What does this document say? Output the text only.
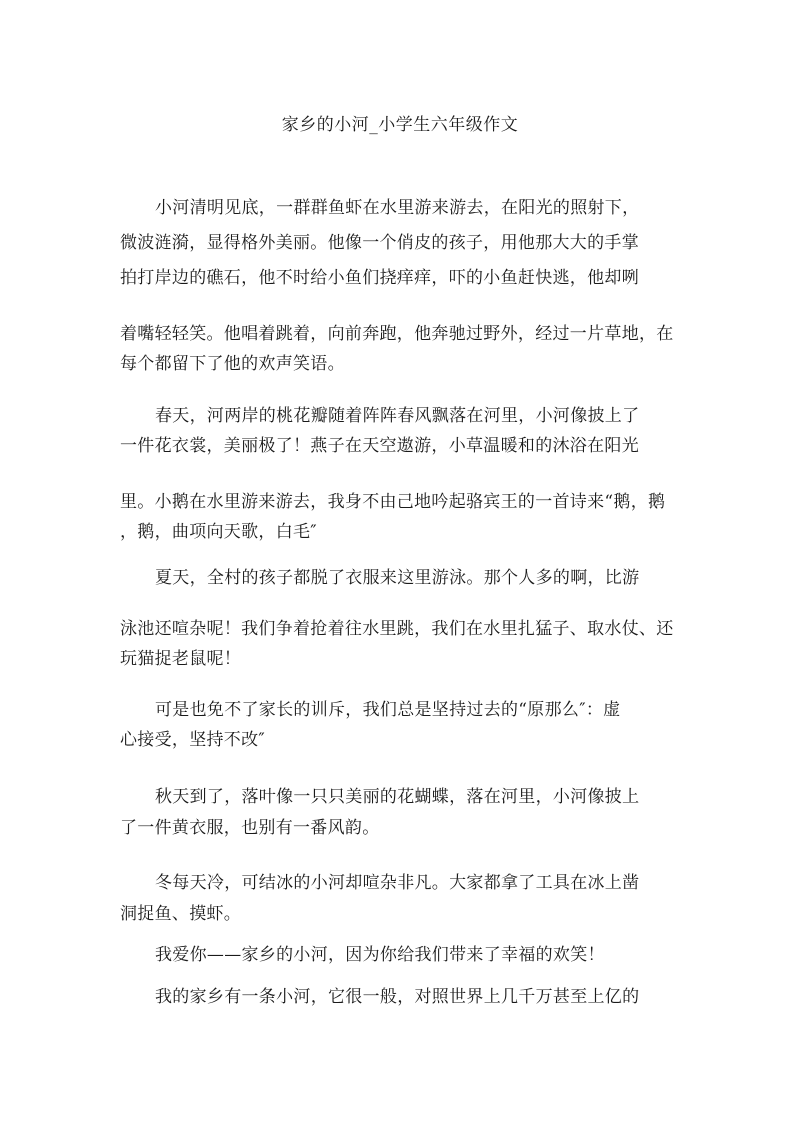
家乡的小河_小学生六年级作文
小河清明见底，一群群鱼虾在水里游来游去，在阳光的照射下，
微波涟漪，显得格外美丽。他像一个俏皮的孩子，用他那大大的手掌
拍打岸边的礁石，他不时给小鱼们挠痒痒，吓的小鱼赶快逃，他却咧
着嘴轻轻笑。他唱着跳着，向前奔跑，他奔驰过野外，经过一片草地，在
每个都留下了他的欢声笑语。
春天，河两岸的桃花瓣随着阵阵春风飘落在河里，小河像披上了
一件花衣裳，美丽极了！燕子在天空遨游，小草温暖和的沐浴在阳光
里。小鹅在水里游来游去，我身不由己地吟起骆宾王的一首诗来“鹅，鹅
，鹅，曲项向天歌，白毛″
夏天，全村的孩子都脱了衣服来这里游泳。那个人多的啊，比游
泳池还喧杂呢！我们争着抢着往水里跳，我们在水里扎猛子、取水仗、还
玩猫捉老鼠呢！
可是也免不了家长的训斥，我们总是坚持过去的“原那么″：虚
心接受，坚持不改″
秋天到了，落叶像一只只美丽的花蝴蝶，落在河里，小河像披上
了一件黄衣服，也别有一番风韵。
冬每天冷，可结冰的小河却喧杂非凡。大家都拿了工具在冰上凿
洞捉鱼、摸虾。
我爱你——家乡的小河，因为你给我们带来了幸福的欢笑！
我的家乡有一条小河，它很一般，对照世界上几千万甚至上亿的
